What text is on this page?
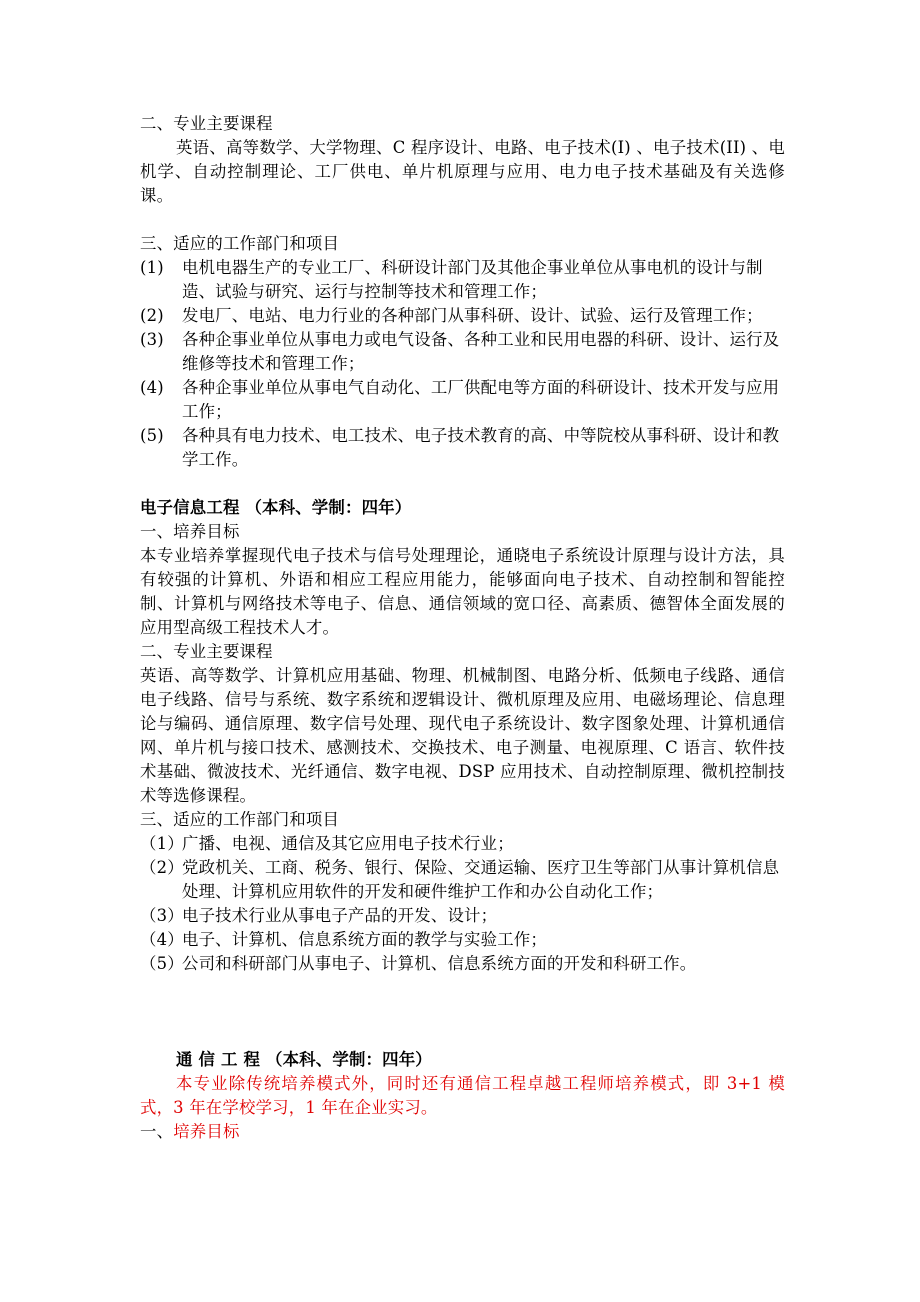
二、专业主要课程

英语、高等数学、大学物理、C 程序设计、电路、电子技术(I) 、电子技术(II) 、电机学、自动控制理论、工厂供电、单片机原理与应用、电力电子技术基础及有关选修课。

三、适应的工作部门和项目

(1)	电机电器生产的专业工厂、科研设计部门及其他企事业单位从事电机的设计与制造、试验与研究、运行与控制等技术和管理工作；
(2)	发电厂、电站、电力行业的各种部门从事科研、设计、试验、运行及管理工作；
(3)	各种企事业单位从事电力或电气设备、各种工业和民用电器的科研、设计、运行及维修等技术和管理工作；
(4)	各种企事业单位从事电气自动化、工厂供配电等方面的科研设计、技术开发与应用工作；
(5)	各种具有电力技术、电工技术、电子技术教育的高、中等院校从事科研、设计和教学工作。

电子信息工程 （本科、学制：四年）

一、培养目标

本专业培养掌握现代电子技术与信号处理理论，通晓电子系统设计原理与设计方法，具有较强的计算机、外语和相应工程应用能力，能够面向电子技术、自动控制和智能控制、计算机与网络技术等电子、信息、通信领域的宽口径、高素质、德智体全面发展的应用型高级工程技术人才。

二、专业主要课程

英语、高等数学、计算机应用基础、物理、机械制图、电路分析、低频电子线路、通信电子线路、信号与系统、数字系统和逻辑设计、微机原理及应用、电磁场理论、信息理论与编码、通信原理、数字信号处理、现代电子系统设计、数字图象处理、计算机通信网、单片机与接口技术、感测技术、交换技术、电子测量、电视原理、C 语言、软件技术基础、微波技术、光纤通信、数字电视、DSP 应用技术、自动控制原理、微机控制技术等选修课程。

三、适应的工作部门和项目

（1）
广播、电视、通信及其它应用电子技术行业；
（2）
党政机关、工商、税务、银行、保险、交通运输、医疗卫生等部门从事计算机信息处理、计算机应用软件的开发和硬件维护工作和办公自动化工作；
（3）
电子技术行业从事电子产品的开发、设计；
（4）
电子、计算机、信息系统方面的教学与实验工作；
（5）
公司和科研部门从事电子、计算机、信息系统方面的开发和科研工作。

通 信 工 程 （本科、学制：四年）

本专业除传统培养模式外，同时还有通信工程卓越工程师培养模式，即 3+1 模式，3 年在学校学习，1 年在企业实习。

一、培养目标
